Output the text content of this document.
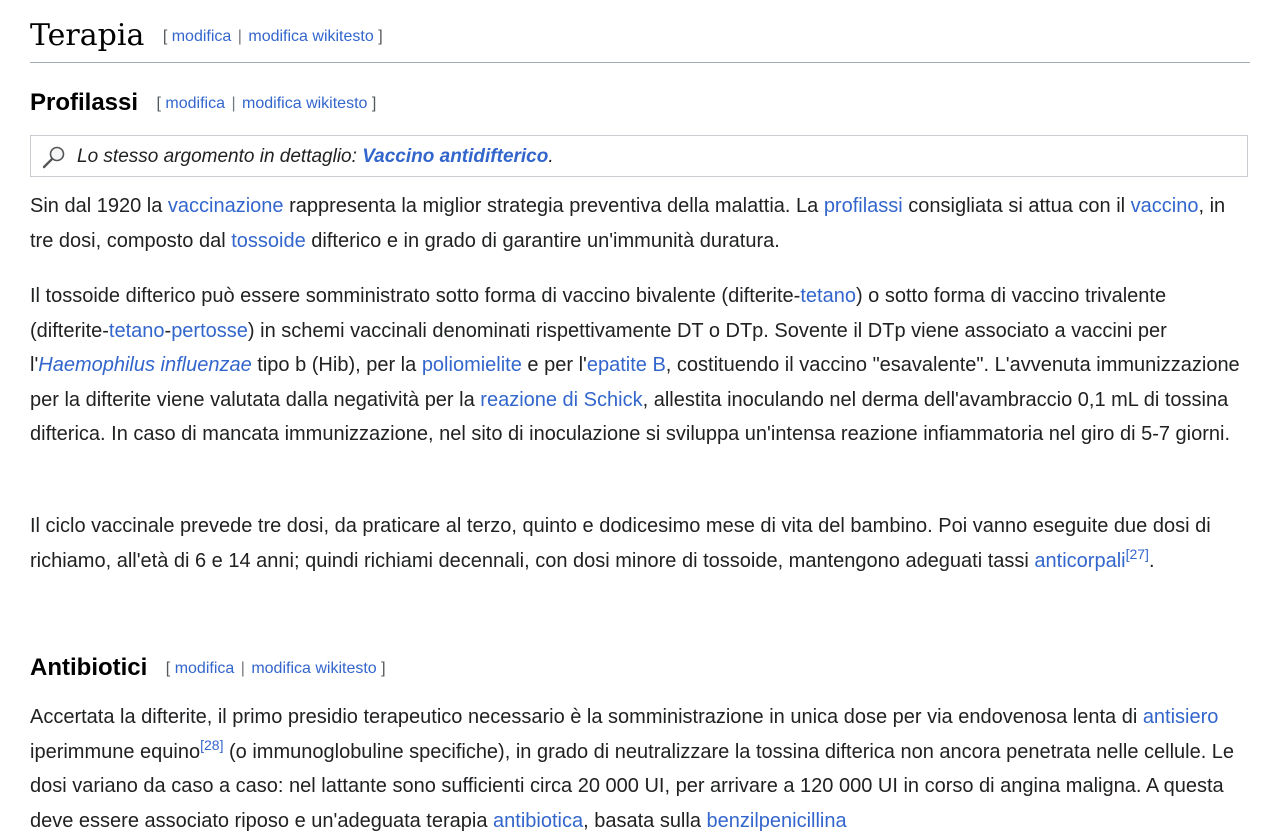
Terapia [ modifica | modifica wikitesto ]
Profilassi [ modifica | modifica wikitesto ]
Lo stesso argomento in dettaglio: Vaccino antidifterico.

Sin dal 1920 la vaccinazione rappresenta la miglior strategia preventiva della malattia. La profilassi consigliata si attua con il vaccino, in tre dosi, composto dal tossoide difterico e in grado di garantire un'immunità duratura.

Il tossoide difterico può essere somministrato sotto forma di vaccino bivalente (difterite-tetano) o sotto forma di vaccino trivalente (difterite-tetano-pertosse) in schemi vaccinali denominati rispettivamente DT o DTp. Sovente il DTp viene associato a vaccini per l'Haemophilus influenzae tipo b (Hib), per la poliomielite e per l'epatite B, costituendo il vaccino "esavalente". L'avvenuta immunizzazione per la difterite viene valutata dalla negatività per la reazione di Schick, allestita inoculando nel derma dell'avambraccio 0,1 mL di tossina difterica. In caso di mancata immunizzazione, nel sito di inoculazione si sviluppa un'intensa reazione infiammatoria nel giro di 5-7 giorni.

Il ciclo vaccinale prevede tre dosi, da praticare al terzo, quinto e dodicesimo mese di vita del bambino. Poi vanno eseguite due dosi di richiamo, all'età di 6 e 14 anni; quindi richiami decennali, con dosi minore di tossoide, mantengono adeguati tassi anticorpali[27].

Antibiotici [ modifica | modifica wikitesto ]

Accertata la difterite, il primo presidio terapeutico necessario è la somministrazione in unica dose per via endovenosa lenta di antisiero iperimmune equino[28] (o immunoglobuline specifiche), in grado di neutralizzare la tossina difterica non ancora penetrata nelle cellule. Le dosi variano da caso a caso: nel lattante sono sufficienti circa 20 000 UI, per arrivare a 120 000 UI in corso di angina maligna. A questa deve essere associato riposo e un'adeguata terapia antibiotica, basata sulla benzilpenicillina
